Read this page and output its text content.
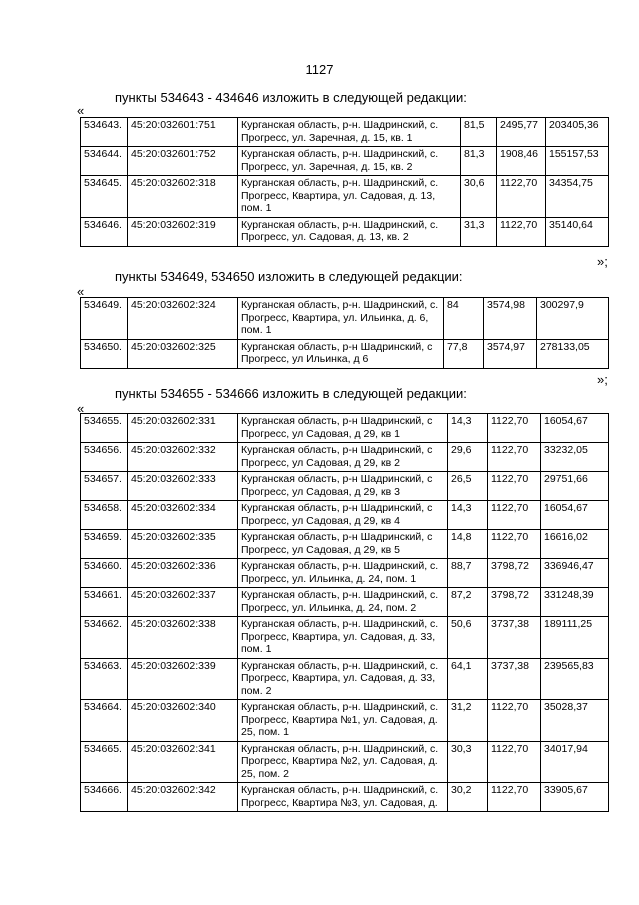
1127
пункты 534643 - 434646 изложить в следующей редакции:
«
534643.	45:20:032601:751	Курганская область, р-н. Шадринский, с. Прогресс, ул. Заречная, д. 15, кв. 1	81,5	2495,77	203405,36
534644.	45:20:032601:752	Курганская область, р-н. Шадринский, с. Прогресс, ул. Заречная, д. 15, кв. 2	81,3	1908,46	155157,53
534645.	45:20:032602:318	Курганская область, р-н. Шадринский, с. Прогресс, Квартира, ул. Садовая, д. 13, пом. 1	30,6	1122,70	34354,75
534646.	45:20:032602:319	Курганская область, р-н. Шадринский, с. Прогресс, ул. Садовая, д. 13, кв. 2	31,3	1122,70	35140,64
»;
пункты 534649, 534650 изложить в следующей редакции:
«
534649.	45:20:032602:324	Курганская область, р-н. Шадринский, с. Прогресс, Квартира, ул. Ильинка, д. 6, пом. 1	84	3574,98	300297,9
534650.	45:20:032602:325	Курганская область, р-н Шадринский, с Прогресс, ул Ильинка, д 6	77,8	3574,97	278133,05
»;
пункты 534655 - 534666 изложить в следующей редакции:
«
534655.	45:20:032602:331	Курганская область, р-н Шадринский, с Прогресс, ул Садовая, д 29, кв 1	14,3	1122,70	16054,67
534656.	45:20:032602:332	Курганская область, р-н Шадринский, с Прогресс, ул Садовая, д 29, кв 2	29,6	1122,70	33232,05
534657.	45:20:032602:333	Курганская область, р-н Шадринский, с Прогресс, ул Садовая, д 29, кв 3	26,5	1122,70	29751,66
534658.	45:20:032602:334	Курганская область, р-н Шадринский, с Прогресс, ул Садовая, д 29, кв 4	14,3	1122,70	16054,67
534659.	45:20:032602:335	Курганская область, р-н Шадринский, с Прогресс, ул Садовая, д 29, кв 5	14,8	1122,70	16616,02
534660.	45:20:032602:336	Курганская область, р-н. Шадринский, с. Прогресс, ул. Ильинка, д. 24, пом. 1	88,7	3798,72	336946,47
534661.	45:20:032602:337	Курганская область, р-н. Шадринский, с. Прогресс, ул. Ильинка, д. 24, пом. 2	87,2	3798,72	331248,39
534662.	45:20:032602:338	Курганская область, р-н. Шадринский, с. Прогресс, Квартира, ул. Садовая, д. 33, пом. 1	50,6	3737,38	189111,25
534663.	45:20:032602:339	Курганская область, р-н. Шадринский, с. Прогресс, Квартира, ул. Садовая, д. 33, пом. 2	64,1	3737,38	239565,83
534664.	45:20:032602:340	Курганская область, р-н. Шадринский, с. Прогресс, Квартира №1, ул. Садовая, д. 25, пом. 1	31,2	1122,70	35028,37
534665.	45:20:032602:341	Курганская область, р-н. Шадринский, с. Прогресс, Квартира №2, ул. Садовая, д. 25, пом. 2	30,3	1122,70	34017,94
534666.	45:20:032602:342	Курганская область, р-н. Шадринский, с. Прогресс, Квартира №3, ул. Садовая, д.	30,2	1122,70	33905,67
